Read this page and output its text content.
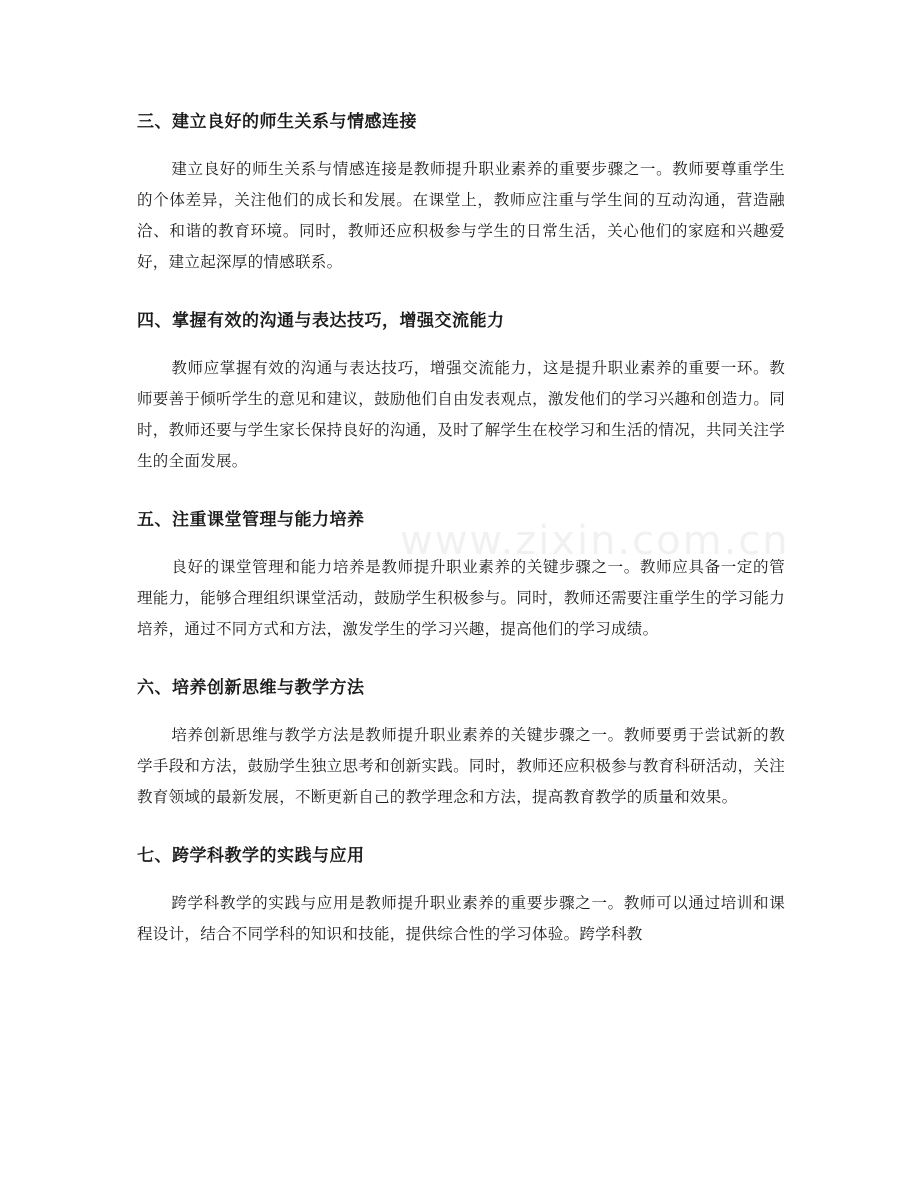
www.zixin.com.cn
三、建立良好的师生关系与情感连接

建立良好的师生关系与情感连接是教师提升职业素养的重要步骤之一。教师要尊重学生的个体差异，关注他们的成长和发展。在课堂上，教师应注重与学生间的互动沟通，营造融洽、和谐的教育环境。同时，教师还应积极参与学生的日常生活，关心他们的家庭和兴趣爱好，建立起深厚的情感联系。

四、掌握有效的沟通与表达技巧，增强交流能力

教师应掌握有效的沟通与表达技巧，增强交流能力，这是提升职业素养的重要一环。教师要善于倾听学生的意见和建议，鼓励他们自由发表观点，激发他们的学习兴趣和创造力。同时，教师还要与学生家长保持良好的沟通，及时了解学生在校学习和生活的情况，共同关注学生的全面发展。

五、注重课堂管理与能力培养

良好的课堂管理和能力培养是教师提升职业素养的关键步骤之一。教师应具备一定的管理能力，能够合理组织课堂活动，鼓励学生积极参与。同时，教师还需要注重学生的学习能力培养，通过不同方式和方法，激发学生的学习兴趣，提高他们的学习成绩。

六、培养创新思维与教学方法

培养创新思维与教学方法是教师提升职业素养的关键步骤之一。教师要勇于尝试新的教学手段和方法，鼓励学生独立思考和创新实践。同时，教师还应积极参与教育科研活动，关注教育领域的最新发展，不断更新自己的教学理念和方法，提高教育教学的质量和效果。

七、跨学科教学的实践与应用

跨学科教学的实践与应用是教师提升职业素养的重要步骤之一。教师可以通过培训和课程设计，结合不同学科的知识和技能，提供综合性的学习体验。跨学科教
